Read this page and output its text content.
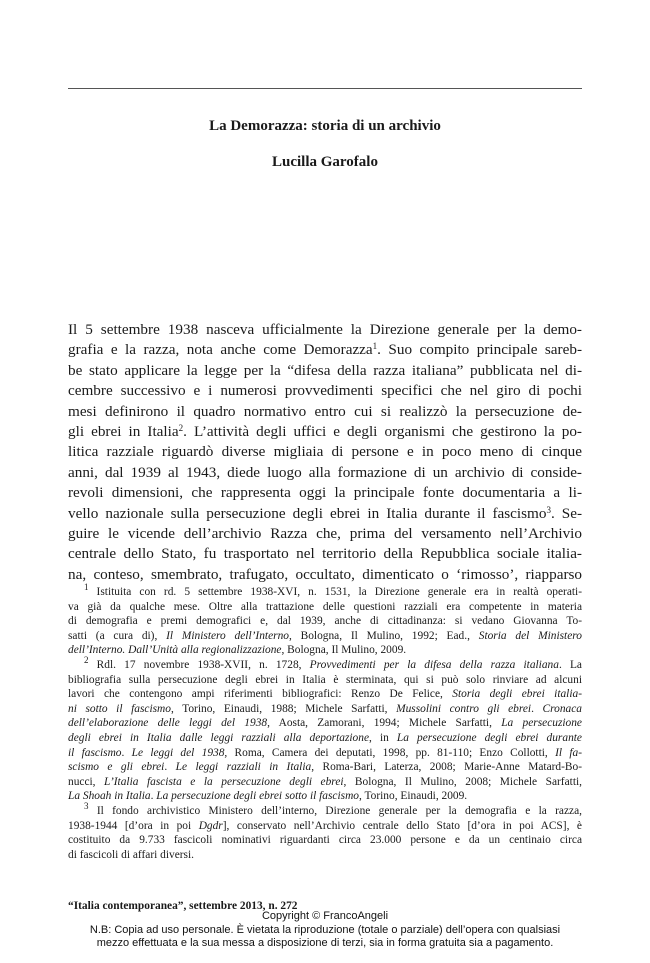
La Demorazza: storia di un archivio
Lucilla Garofalo
Il 5 settembre 1938 nasceva ufficialmente la Direzione generale per la demo-
grafia e la razza, nota anche come Demorazza$^1$. Suo compito principale sareb-
be stato applicare la legge per la “difesa della razza italiana” pubblicata nel di-
cembre successivo e i numerosi provvedimenti specifici che nel giro di pochi
mesi definirono il quadro normativo entro cui si realizzò la persecuzione de-
gli ebrei in Italia$^2$. L’attività degli uffici e degli organismi che gestirono la po-
litica razziale riguardò diverse migliaia di persone e in poco meno di cinque
anni, dal 1939 al 1943, diede luogo alla formazione di un archivio di conside-
revoli dimensioni, che rappresenta oggi la principale fonte documentaria a li-
vello nazionale sulla persecuzione degli ebrei in Italia durante il fascismo$^3$. Se-
guire le vicende dell’archivio Razza che, prima del versamento nell’Archivio
centrale dello Stato, fu trasportato nel territorio della Repubblica sociale italia-
na, conteso, smembrato, trafugato, occultato, dimenticato o ‘rimosso’, riapparso
$^1$ Istituita con rd. 5 settembre 1938-XVI, n. 1531, la Direzione generale era in realtà operati-
va già da qualche mese. Oltre alla trattazione delle questioni razziali era competente in materia
di demografia e premi demografici e, dal 1939, anche di cittadinanza: si vedano Giovanna To-
satti (a cura di), Il Ministero dell’Interno, Bologna, Il Mulino, 1992; Ead., Storia del Ministero
dell’Interno. Dall’Unità alla regionalizzazione, Bologna, Il Mulino, 2009.
$^2$ Rdl. 17 novembre 1938-XVII, n. 1728, Provvedimenti per la difesa della razza italiana. La
bibliografia sulla persecuzione degli ebrei in Italia è sterminata, qui si può solo rinviare ad alcuni
lavori che contengono ampi riferimenti bibliografici: Renzo De Felice, Storia degli ebrei italia-
ni sotto il fascismo, Torino, Einaudi, 1988; Michele Sarfatti, Mussolini contro gli ebrei. Cronaca
dell’elaborazione delle leggi del 1938, Aosta, Zamorani, 1994; Michele Sarfatti, La persecuzione
degli ebrei in Italia dalle leggi razziali alla deportazione, in La persecuzione degli ebrei durante
il fascismo. Le leggi del 1938, Roma, Camera dei deputati, 1998, pp. 81-110; Enzo Collotti, Il fa-
scismo e gli ebrei. Le leggi razziali in Italia, Roma-Bari, Laterza, 2008; Marie-Anne Matard-Bo-
nucci, L’Italia fascista e la persecuzione degli ebrei, Bologna, Il Mulino, 2008; Michele Sarfatti,
La Shoah in Italia. La persecuzione degli ebrei sotto il fascismo, Torino, Einaudi, 2009.
$^3$ Il fondo archivistico Ministero dell’interno, Direzione generale per la demografia e la razza,
1938-1944 [d’ora in poi Dgdr], conservato nell’Archivio centrale dello Stato [d’ora in poi ACS], è
costituito da 9.733 fascicoli nominativi riguardanti circa 23.000 persone e da un centinaio circa
di fascicoli di affari diversi.
“Italia contemporanea”, settembre 2013, n. 272
Copyright © FrancoAngeli
N.B: Copia ad uso personale. È vietata la riproduzione (totale o parziale) dell’opera con qualsiasi
mezzo effettuata e la sua messa a disposizione di terzi, sia in forma gratuita sia a pagamento.
